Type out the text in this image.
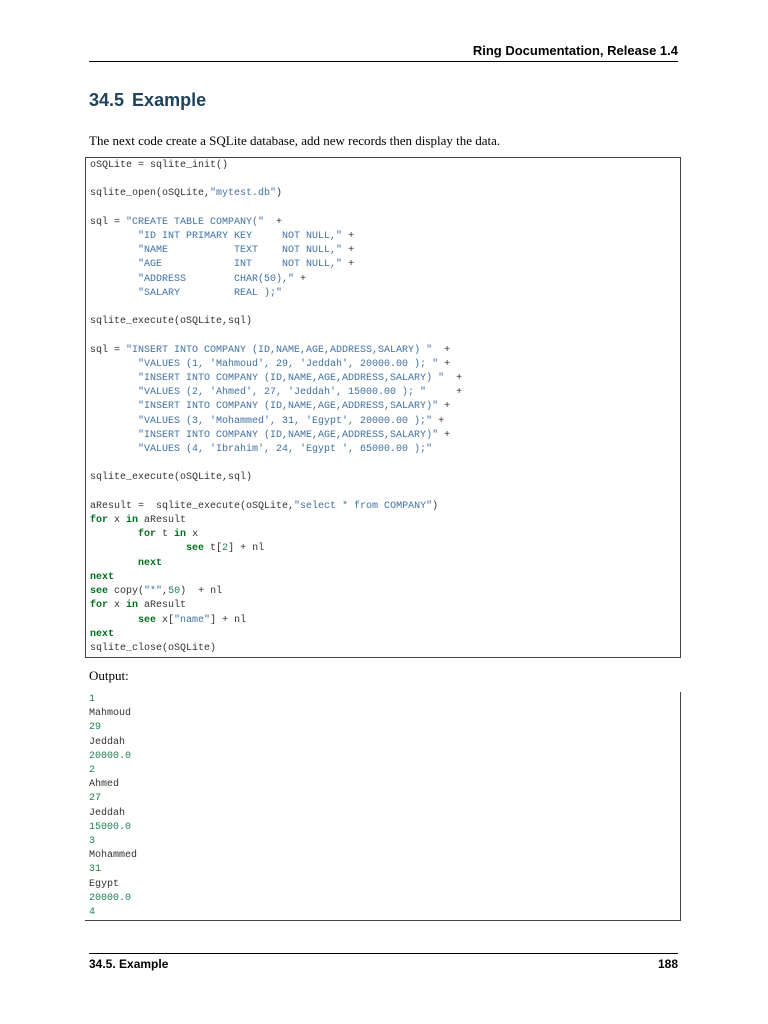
Ring Documentation, Release 1.4
34.5 Example

The next code create a SQLite database, add new records then display the data.

oSQLite = sqlite_init()

sqlite_open(oSQLite,"mytest.db")

sql = "CREATE TABLE COMPANY("  +
"ID INT PRIMARY KEY     NOT NULL," +
"NAME           TEXT    NOT NULL," +
"AGE            INT     NOT NULL," +
"ADDRESS        CHAR(50)," +
"SALARY         REAL );"

sqlite_execute(oSQLite,sql)

sql = "INSERT INTO COMPANY (ID,NAME,AGE,ADDRESS,SALARY) "  +
"VALUES (1, 'Mahmoud', 29, 'Jeddah', 20000.00 ); " +
"INSERT INTO COMPANY (ID,NAME,AGE,ADDRESS,SALARY) "  +
"VALUES (2, 'Ahmed', 27, 'Jeddah', 15000.00 ); "     +
"INSERT INTO COMPANY (ID,NAME,AGE,ADDRESS,SALARY)" +
"VALUES (3, 'Mohammed', 31, 'Egypt', 20000.00 );" +
"INSERT INTO COMPANY (ID,NAME,AGE,ADDRESS,SALARY)" +
"VALUES (4, 'Ibrahim', 24, 'Egypt ', 65000.00 );"

sqlite_execute(oSQLite,sql)

aResult =  sqlite_execute(oSQLite,"select * from COMPANY")
for x in aResult
for t in x
see t[2] + nl
next
next
see copy("*",50)  + nl
for x in aResult
see x["name"] + nl
next
sqlite_close(oSQLite)

Output:

1
Mahmoud
29
Jeddah
20000.0
2
Ahmed
27
Jeddah
15000.0
3
Mohammed
31
Egypt
20000.0
4
34.5. Example	188
